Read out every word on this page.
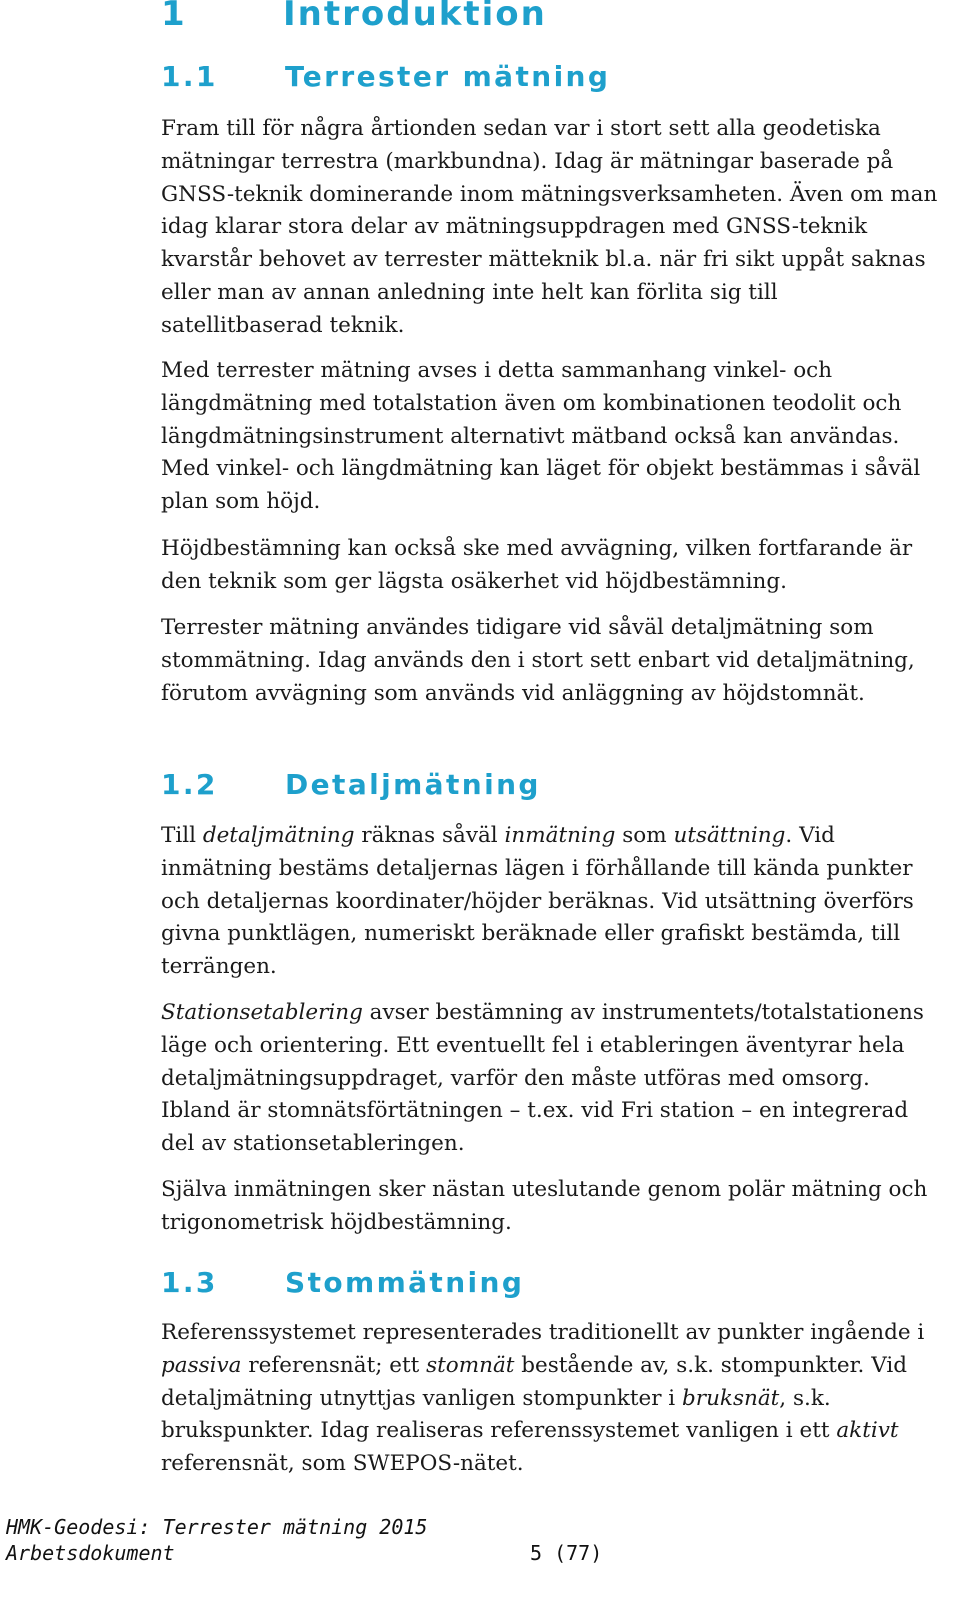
1	Introduktion
1.1 Terrester mätning

Fram till för några årtionden sedan var i stort sett alla geodetiska mätningar terrestra (markbundna). Idag är mätningar baserade på GNSS-teknik dominerande inom mätningsverksamheten. Även om man idag klarar stora delar av mätningsuppdragen med GNSS-teknik kvarstår behovet av terrester mätteknik bl.a. när fri sikt uppåt saknas eller man av annan anledning inte helt kan förlita sig till satellitbaserad teknik.

Med terrester mätning avses i detta sammanhang vinkel- och längdmätning med totalstation även om kombinationen teodolit och längdmätningsinstrument alternativt mätband också kan användas. Med vinkel- och längdmätning kan läget för objekt bestämmas i såväl plan som höjd.

Höjdbestämning kan också ske med avvägning, vilken fortfarande är den teknik som ger lägsta osäkerhet vid höjdbestämning.

Terrester mätning användes tidigare vid såväl detaljmätning som stommätning. Idag används den i stort sett enbart vid detaljmätning, förutom avvägning som används vid anläggning av höjdstomnät.

1.2 Detaljmätning

Till detaljmätning räknas såväl inmätning som utsättning. Vid inmätning bestäms detaljernas lägen i förhållande till kända punkter och detaljernas koordinater/höjder beräknas. Vid utsättning överförs givna punktlägen, numeriskt beräknade eller grafiskt bestämda, till terrängen.

Stationsetablering avser bestämning av instrumentets/totalstationens läge och orientering. Ett eventuellt fel i etableringen äventyrar hela detaljmätningsuppdraget, varför den måste utföras med omsorg. Ibland är stomnätsförtätningen – t.ex. vid Fri station – en integrerad del av stationsetableringen.

Själva inmätningen sker nästan uteslutande genom polär mätning och trigonometrisk höjdbestämning.

1.3 Stommätning

Referenssystemet representerades traditionellt av punkter ingående i passiva referensnät; ett stomnät bestående av, s.k. stompunkter. Vid detaljmätning utnyttjas vanligen stompunkter i bruksnät, s.k. brukspunkter. Idag realiseras referenssystemet vanligen i ett aktivt referensnät, som SWEPOS-nätet.

HMK-Geodesi: Terrester mätning 2015
Arbetsdokument	5 (77)
